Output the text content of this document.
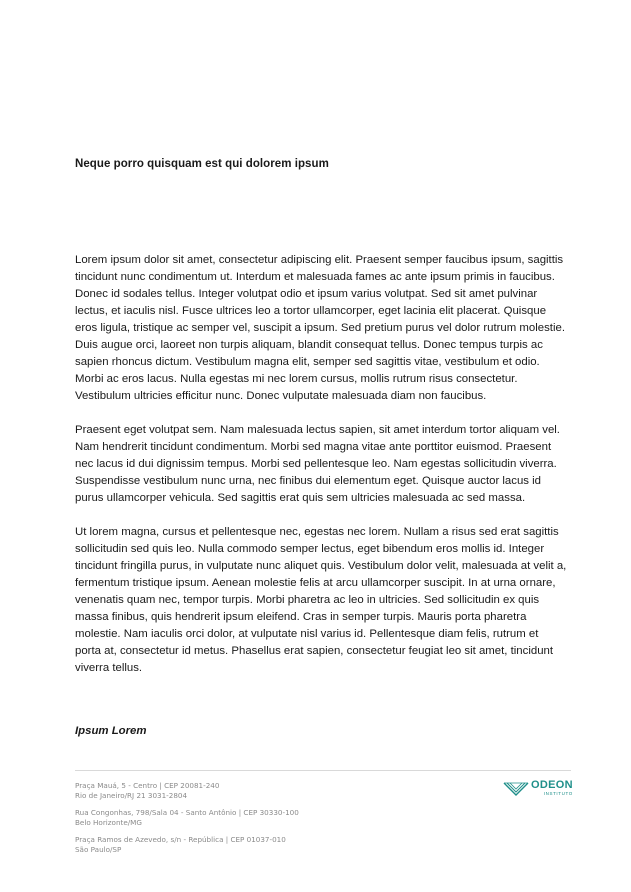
Neque porro quisquam est qui dolorem ipsum

Lorem ipsum dolor sit amet, consectetur adipiscing elit. Praesent semper faucibus ipsum, sagittis tincidunt nunc condimentum ut. Interdum et malesuada fames ac ante ipsum primis in faucibus. Donec id sodales tellus. Integer volutpat odio et ipsum varius volutpat. Sed sit amet pulvinar lectus, et iaculis nisl. Fusce ultrices leo a tortor ullamcorper, eget lacinia elit placerat. Quisque eros ligula, tristique ac semper vel, suscipit a ipsum. Sed pretium purus vel dolor rutrum molestie. Duis augue orci, laoreet non turpis aliquam, blandit consequat tellus. Donec tempus turpis ac sapien rhoncus dictum. Vestibulum magna elit, semper sed sagittis vitae, vestibulum et odio. Morbi ac eros lacus. Nulla egestas mi nec lorem cursus, mollis rutrum risus consectetur. Vestibulum ultricies efficitur nunc. Donec vulputate malesuada diam non faucibus.

Praesent eget volutpat sem. Nam malesuada lectus sapien, sit amet interdum tortor aliquam vel. Nam hendrerit tincidunt condimentum. Morbi sed magna vitae ante porttitor euismod. Praesent nec lacus id dui dignissim tempus. Morbi sed pellentesque leo. Nam egestas sollicitudin viverra. Suspendisse vestibulum nunc urna, nec finibus dui elementum eget. Quisque auctor lacus id purus ullamcorper vehicula. Sed sagittis erat quis sem ultricies malesuada ac sed massa.

Ut lorem magna, cursus et pellentesque nec, egestas nec lorem. Nullam a risus sed erat sagittis sollicitudin sed quis leo. Nulla commodo semper lectus, eget bibendum eros mollis id. Integer tincidunt fringilla purus, in vulputate nunc aliquet quis. Vestibulum dolor velit, malesuada at velit a, fermentum tristique ipsum. Aenean molestie felis at arcu ullamcorper suscipit. In at urna ornare, venenatis quam nec, tempor turpis. Morbi pharetra ac leo in ultricies. Sed sollicitudin ex quis massa finibus, quis hendrerit ipsum eleifend. Cras in semper turpis. Mauris porta pharetra molestie. Nam iaculis orci dolor, at vulputate nisl varius id. Pellentesque diam felis, rutrum et porta at, consectetur id metus. Phasellus erat sapien, consectetur feugiat leo sit amet, tincidunt viverra tellus.

Ipsum Lorem

Praça Mauá, 5 - Centro | CEP 20081-240
Rio de Janeiro/RJ 21 3031-2804
Rua Congonhas, 798/Sala 04 - Santo Antônio | CEP 30330-100
Belo Horizonte/MG
Praça Ramos de Azevedo, s/n - República | CEP 01037-010
São Paulo/SP
ODEON
INSTITUTO
